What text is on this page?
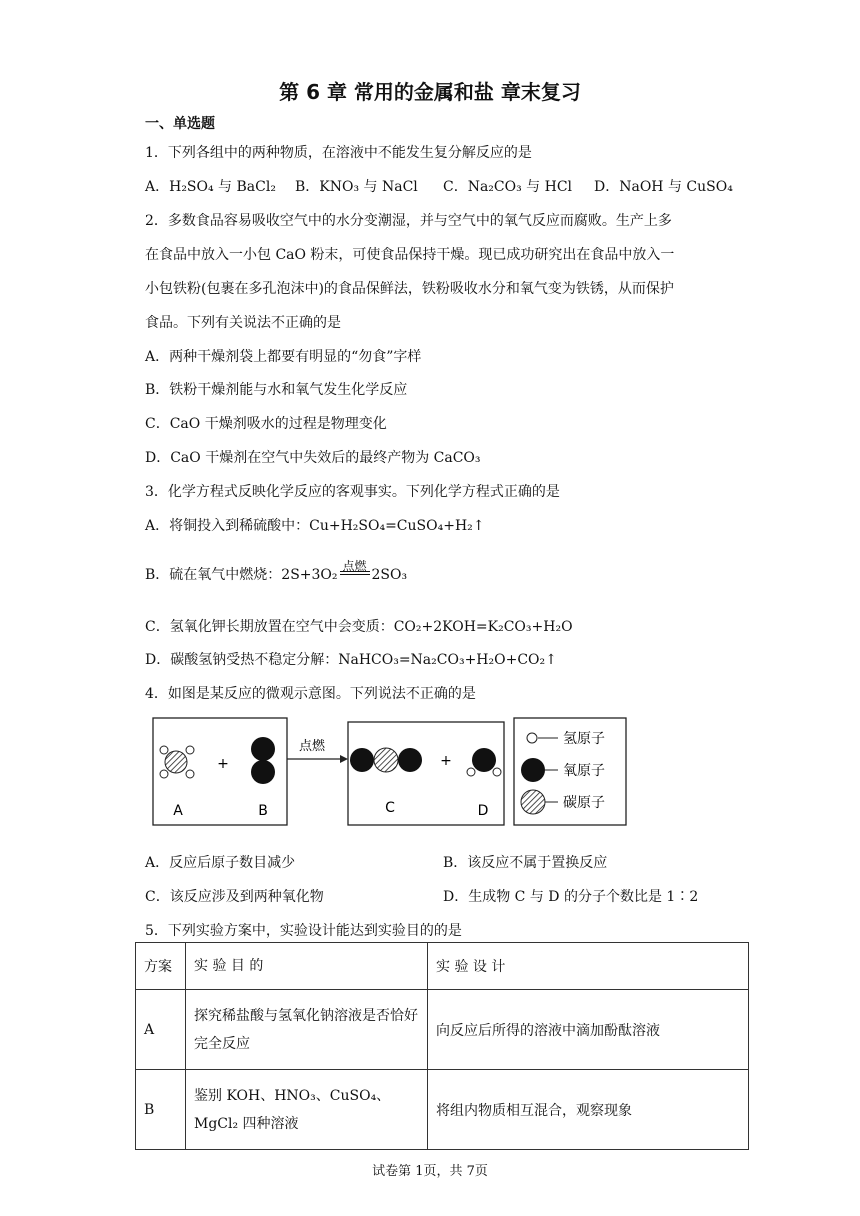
第 6 章 常用的金属和盐 章末复习
一、单选题
1．下列各组中的两种物质，在溶液中不能发生复分解反应的是
A．H₂SO₄ 与 BaCl₂ B．KNO₃ 与 NaCl C．Na₂CO₃ 与 HCl D．NaOH 与 CuSO₄
2．多数食品容易吸收空气中的水分变潮湿，并与空气中的氧气反应而腐败。生产上多
在食品中放入一小包 CaO 粉末，可使食品保持干燥。现已成功研究出在食品中放入一
小包铁粉(包裹在多孔泡沫中)的食品保鲜法，铁粉吸收水分和氧气变为铁锈，从而保护
食品。下列有关说法不正确的是
A．两种干燥剂袋上都要有明显的“勿食”字样
B．铁粉干燥剂能与水和氧气发生化学反应
C．CaO 干燥剂吸水的过程是物理变化
D．CaO 干燥剂在空气中失效后的最终产物为 CaCO₃
3．化学方程式反映化学反应的客观事实。下列化学方程式正确的是
A．将铜投入到稀硫酸中：Cu+H₂SO₄=CuSO₄+H₂↑
B．硫在氧气中燃烧：2S+3O₂
点燃
2SO₃
C．氢氧化钾长期放置在空气中会变质：CO₂+2KOH=K₂CO₃+H₂O
D．碳酸氢钠受热不稳定分解：NaHCO₃=Na₂CO₃+H₂O+CO₂↑
4．如图是某反应的微观示意图。下列说法不正确的是
+
A	B
点燃
+
C	D
氢原子
氧原子
碳原子
A．反应后原子数目减少	B．该反应不属于置换反应
C．该反应涉及到两种氧化物	D．生成物 C 与 D 的分子个数比是 1∶2
5．下列实验方案中，实验设计能达到实验目的的是
方案	实 验 目 的	实 验 设 计
A	探究稀盐酸与氢氧化钠溶液是否恰好完全反应	向反应后所得的溶液中滴加酚酞溶液
B	鉴别 KOH、HNO₃、CuSO₄、MgCl₂ 四种溶液	将组内物质相互混合，观察现象
试卷第 1页，共 7页
